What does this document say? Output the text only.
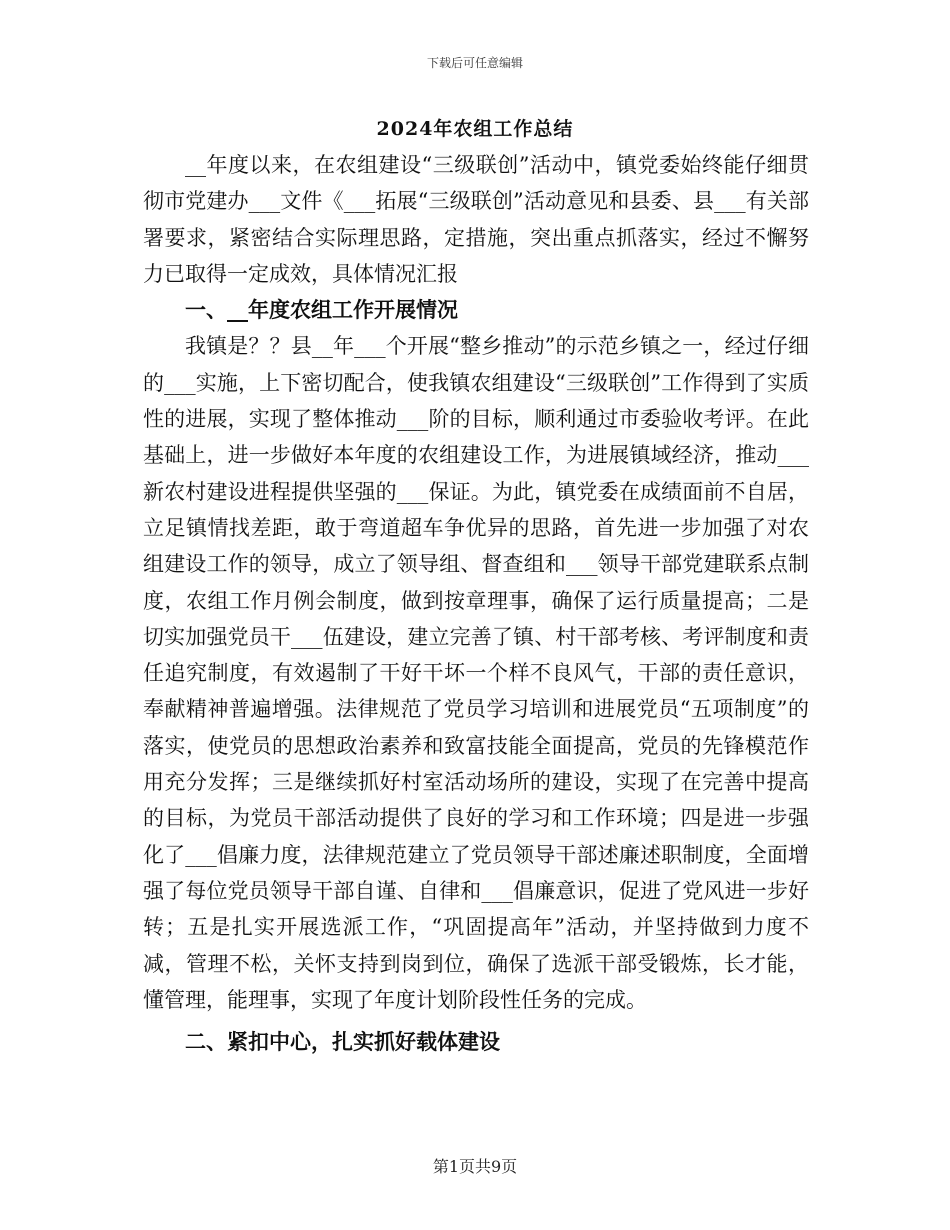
下载后可任意编辑
2024年农组工作总结

__年度以来，在农组建设“三级联创”活动中，镇党委始终能仔细贯彻市党建办___文件《___拓展“三级联创”活动意见和县委、县___有关部署要求，紧密结合实际理思路，定措施，突出重点抓落实，经过不懈努力已取得一定成效，具体情况汇报

一、__年度农组工作开展情况

我镇是？？县__年___个开展“整乡推动”的示范乡镇之一，经过仔细的___实施，上下密切配合，使我镇农组建设“三级联创”工作得到了实质性的进展，实现了整体推动___阶的目标，顺利通过市委验收考评。在此基础上，进一步做好本年度的农组建设工作，为进展镇域经济，推动___新农村建设进程提供坚强的___保证。为此，镇党委在成绩面前不自居，立足镇情找差距，敢于弯道超车争优异的思路，首先进一步加强了对农组建设工作的领导，成立了领导组、督查组和___领导干部党建联系点制度，农组工作月例会制度，做到按章理事，确保了运行质量提高；二是切实加强党员干___伍建设，建立完善了镇、村干部考核、考评制度和责任追究制度，有效遏制了干好干坏一个样不良风气，干部的责任意识，奉献精神普遍增强。法律规范了党员学习培训和进展党员“五项制度”的落实，使党员的思想政治素养和致富技能全面提高，党员的先锋模范作用充分发挥；三是继续抓好村室活动场所的建设，实现了在完善中提高的目标，为党员干部活动提供了良好的学习和工作环境；四是进一步强化了___倡廉力度，法律规范建立了党员领导干部述廉述职制度，全面增强了每位党员领导干部自谨、自律和___倡廉意识，促进了党风进一步好转；五是扎实开展选派工作，“巩固提高年”活动，并坚持做到力度不减，管理不松，关怀支持到岗到位，确保了选派干部受锻炼，长才能，懂管理，能理事，实现了年度计划阶段性任务的完成。

二、紧扣中心，扎实抓好载体建设

第1页共9页
